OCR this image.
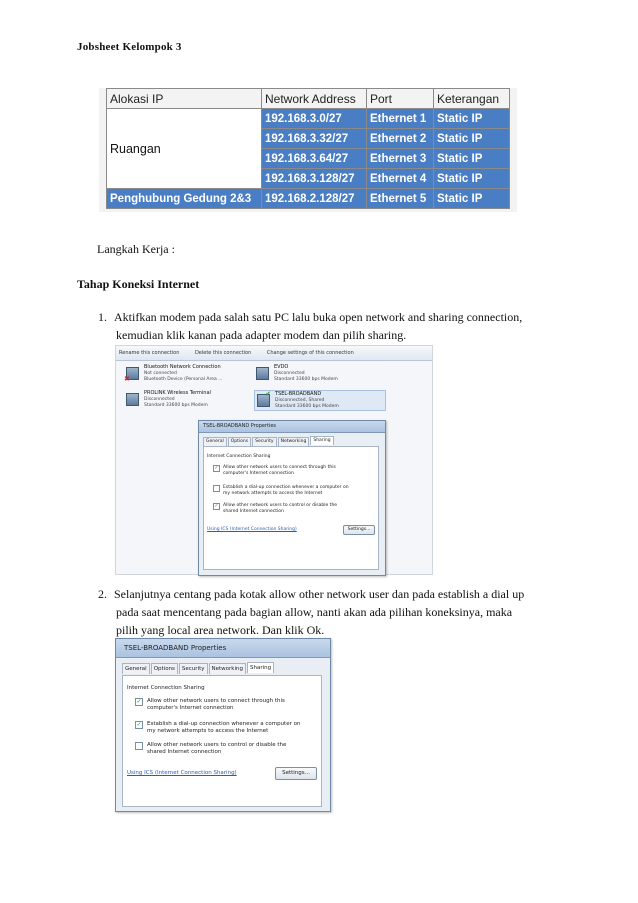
Jobsheet Kelompok 3
Alokasi IP	Network Address	Port	Keterangan
Ruangan	192.168.3.0/27	Ethernet 1	Static IP
	192.168.3.32/27	Ethernet 2	Static IP
	192.168.3.64/27	Ethernet 3	Static IP
	192.168.3.128/27	Ethernet 4	Static IP
Penghubung Gedung 2&3	192.168.2.128/27	Ethernet 5	Static IP
Langkah Kerja :
Tahap Koneksi Internet
1. Aktifkan modem pada salah satu PC lalu buka open network and sharing connection,
kemudian klik kanan pada adapter modem dan pilih sharing.
Rename this connection	Delete this connection	Change settings of this connection
✖
Bluetooth Network Connection
Not connected
Bluetooth Device (Personal Area ...
EVDO
Disconnected
Standard 33600 bps Modem
PROLINK Wireless Terminal
Disconnected
Standard 33600 bps Modem
✔ TSEL-BROADBAND
Disconnected, Shared
Standard 33600 bps Modem
TSEL-BROADBAND Properties
General Options Security Networking Sharing
Internet Connection Sharing
✓ Allow other network users to connect through this
computer's Internet connection
Establish a dial-up connection whenever a computer on
my network attempts to access the Internet
✓ Allow other network users to control or disable the
shared Internet connection
Using ICS (Internet Connection Sharing)	Settings...
2. Selanjutnya centang pada kotak allow other network user dan pada establish a dial up
pada saat mencentang pada bagian allow, nanti akan ada pilihan koneksinya, maka
pilih yang local area network. Dan klik Ok.
TSEL-BROADBAND Properties
General Options Security Networking Sharing
Internet Connection Sharing
✓ Allow other network users to connect through this
computer's Internet connection
✓ Establish a dial-up connection whenever a computer on
my network attempts to access the Internet
Allow other network users to control or disable the
shared Internet connection
Using ICS (Internet Connection Sharing)	Settings...
